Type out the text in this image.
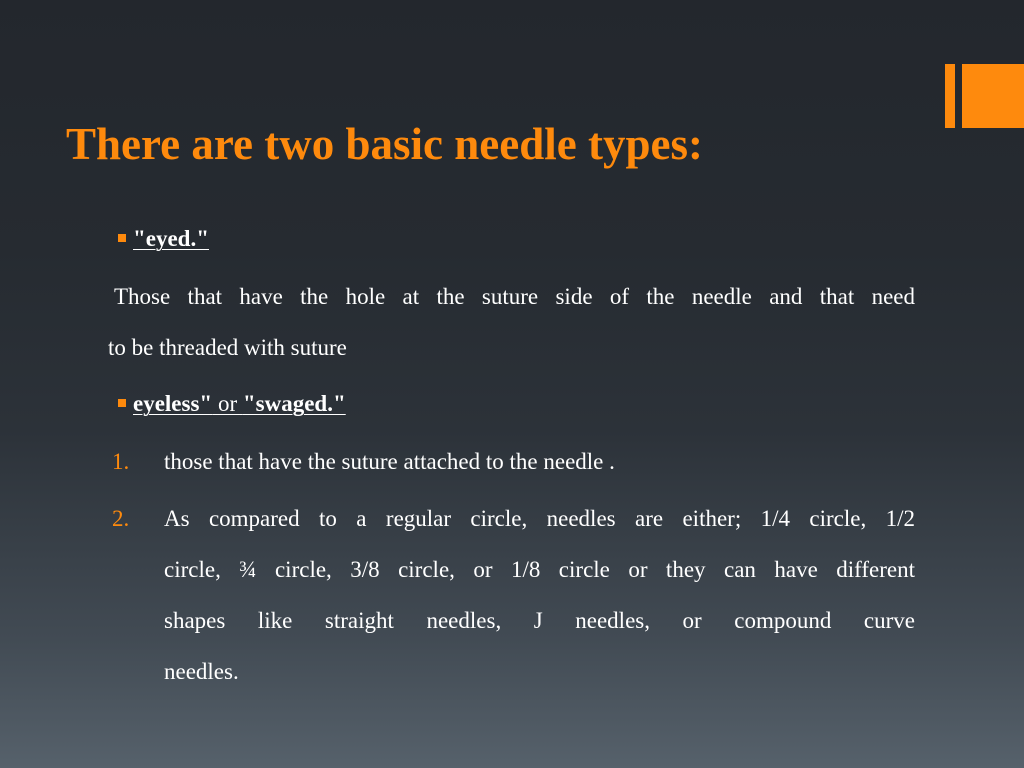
There are two basic needle types:
"eyed."
Those that have the hole at the suture side of the needle and that need
to be threaded with suture
eyeless" or "swaged."
1. those that have the suture attached to the needle .
2. As compared to a regular circle, needles are either; 1/4 circle, 1/2
circle, ¾ circle, 3/8 circle, or 1/8 circle or they can have different
shapes like straight needles, J needles, or compound curve
needles.
